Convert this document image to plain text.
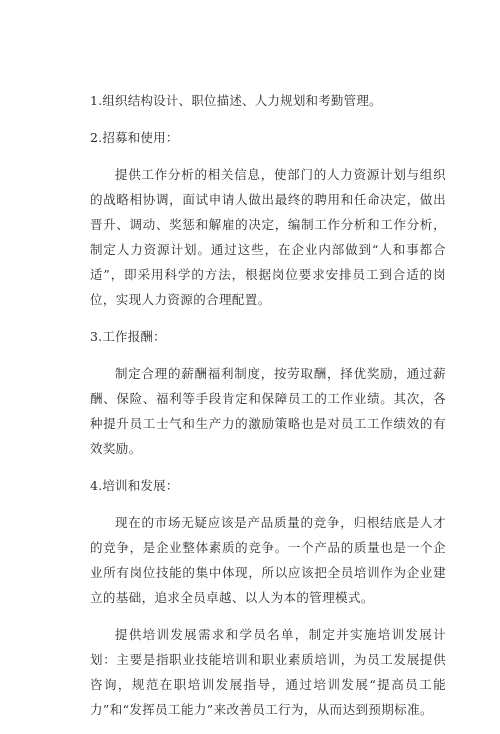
1.组织结构设计、职位描述、人力规划和考勤管理。
2.招募和使用：
提供工作分析的相关信息，使部门的人力资源计划与组织的战略相协调，面试申请人做出最终的聘用和任命决定，做出晋升、调动、奖惩和解雇的决定，编制工作分析和工作分析，制定人力资源计划。通过这些，在企业内部做到“人和事都合适”，即采用科学的方法，根据岗位要求安排员工到合适的岗位，实现人力资源的合理配置。
3.工作报酬：
制定合理的薪酬福利制度，按劳取酬，择优奖励，通过薪酬、保险、福利等手段肯定和保障员工的工作业绩。其次，各种提升员工士气和生产力的激励策略也是对员工工作绩效的有效奖励。
4.培训和发展：
现在的市场无疑应该是产品质量的竞争，归根结底是人才的竞争，是企业整体素质的竞争。一个产品的质量也是一个企业所有岗位技能的集中体现，所以应该把全员培训作为企业建立的基础，追求全员卓越、以人为本的管理模式。
提供培训发展需求和学员名单，制定并实施培训发展计划：主要是指职业技能培训和职业素质培训，为员工发展提供咨询，规范在职培训发展指导，通过培训发展“提高员工能力”和“发挥员工能力”来改善员工行为，从而达到预期标准。
